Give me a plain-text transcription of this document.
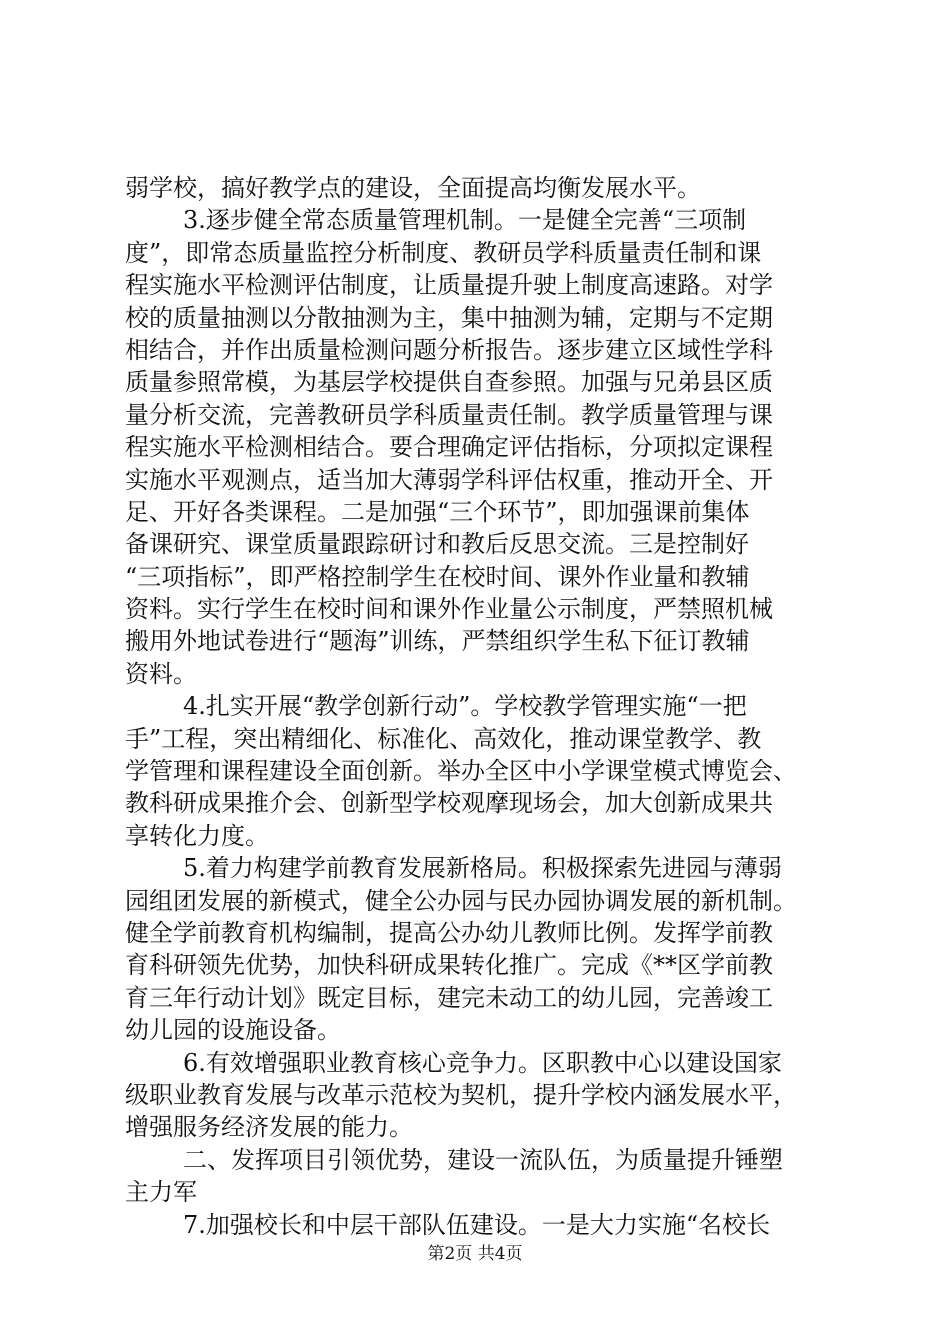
弱学校，搞好教学点的建设，全面提高均衡发展水平。
3.逐步健全常态质量管理机制。一是健全完善“三项制
度”，即常态质量监控分析制度、教研员学科质量责任制和课
程实施水平检测评估制度，让质量提升驶上制度高速路。对学
校的质量抽测以分散抽测为主，集中抽测为辅，定期与不定期
相结合，并作出质量检测问题分析报告。逐步建立区域性学科
质量参照常模，为基层学校提供自查参照。加强与兄弟县区质
量分析交流，完善教研员学科质量责任制。教学质量管理与课
程实施水平检测相结合。要合理确定评估指标，分项拟定课程
实施水平观测点，适当加大薄弱学科评估权重，推动开全、开
足、开好各类课程。二是加强“三个环节”，即加强课前集体
备课研究、课堂质量跟踪研讨和教后反思交流。三是控制好
“三项指标”，即严格控制学生在校时间、课外作业量和教辅
资料。实行学生在校时间和课外作业量公示制度，严禁照机械
搬用外地试卷进行“题海”训练，严禁组织学生私下征订教辅
资料。
4.扎实开展“教学创新行动”。学校教学管理实施“一把
手”工程，突出精细化、标准化、高效化，推动课堂教学、教
学管理和课程建设全面创新。举办全区中小学课堂模式博览会、
教科研成果推介会、创新型学校观摩现场会，加大创新成果共
享转化力度。
5.着力构建学前教育发展新格局。积极探索先进园与薄弱
园组团发展的新模式，健全公办园与民办园协调发展的新机制。
健全学前教育机构编制，提高公办幼儿教师比例。发挥学前教
育科研领先优势，加快科研成果转化推广。完成《**区学前教
育三年行动计划》既定目标，建完未动工的幼儿园，完善竣工
幼儿园的设施设备。
6.有效增强职业教育核心竞争力。区职教中心以建设国家
级职业教育发展与改革示范校为契机，提升学校内涵发展水平，
增强服务经济发展的能力。
二、发挥项目引领优势，建设一流队伍，为质量提升锤塑
主力军
7.加强校长和中层干部队伍建设。一是大力实施“名校长
第2页 共4页
